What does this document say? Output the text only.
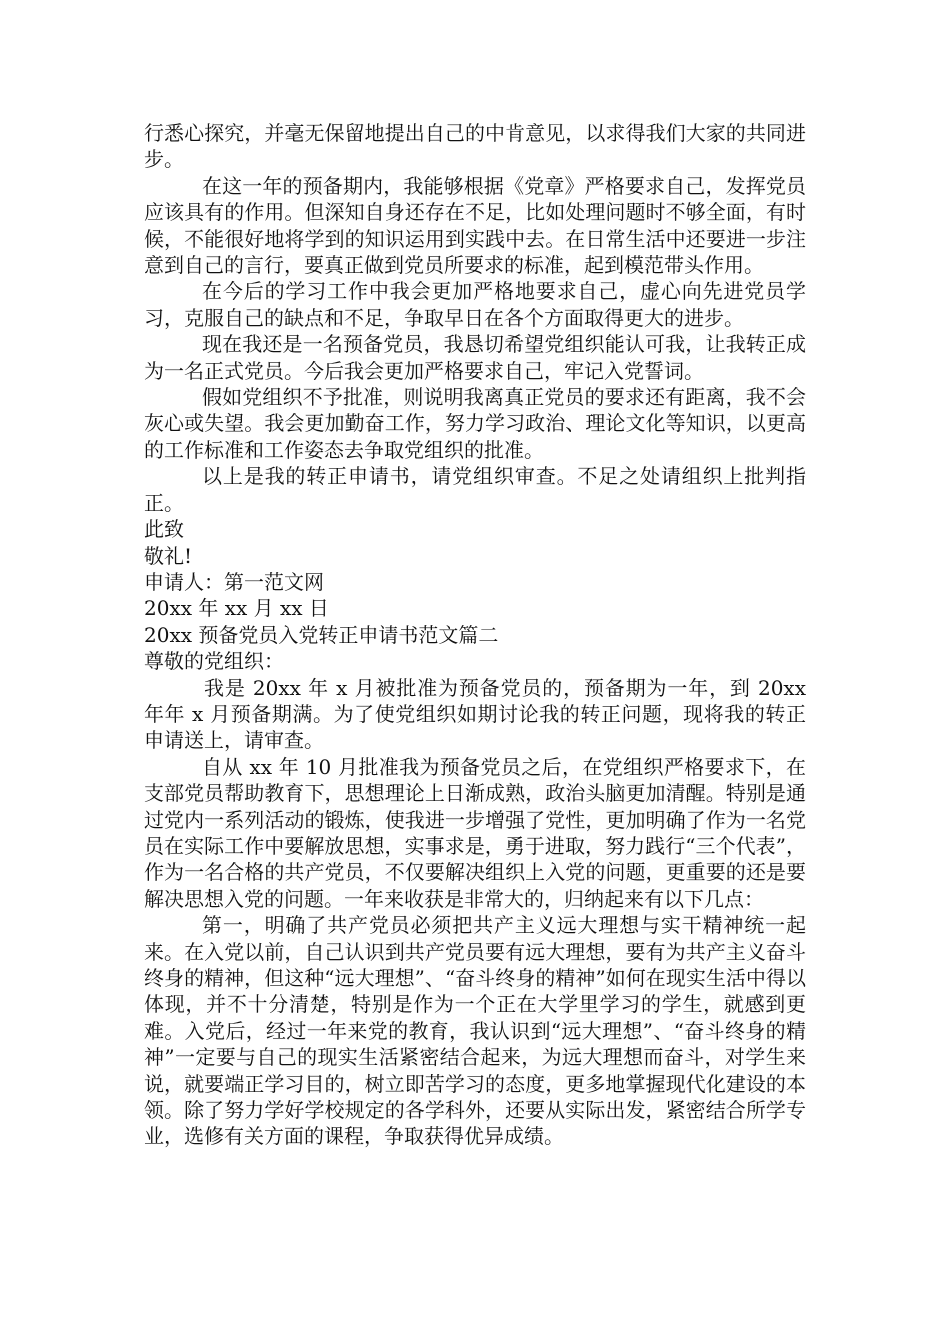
行悉心探究，并毫无保留地提出自己的中肯意见，以求得我们大家的共同进步。

在这一年的预备期内，我能够根据《党章》严格要求自己，发挥党员应该具有的作用。但深知自身还存在不足，比如处理问题时不够全面，有时候，不能很好地将学到的知识运用到实践中去。在日常生活中还要进一步注意到自己的言行，要真正做到党员所要求的标准，起到模范带头作用。

在今后的学习工作中我会更加严格地要求自己，虚心向先进党员学习，克服自己的缺点和不足，争取早日在各个方面取得更大的进步。

现在我还是一名预备党员，我恳切希望党组织能认可我，让我转正成为一名正式党员。今后我会更加严格要求自己，牢记入党誓词。

假如党组织不予批准，则说明我离真正党员的要求还有距离，我不会灰心或失望。我会更加勤奋工作，努力学习政治、理论文化等知识，以更高的工作标准和工作姿态去争取党组织的批准。

以上是我的转正申请书，请党组织审查。不足之处请组织上批判指正。

此致

敬礼!

申请人：第一范文网

20xx 年 xx 月 xx 日

20xx 预备党员入党转正申请书范文篇二

尊敬的党组织：

我是 20xx 年 x 月被批准为预备党员的，预备期为一年，到 20xx 年年 x 月预备期满。为了使党组织如期讨论我的转正问题，现将我的转正申请送上，请审查。

自从 xx 年 10 月批准我为预备党员之后，在党组织严格要求下，在支部党员帮助教育下，思想理论上日渐成熟，政治头脑更加清醒。特别是通过党内一系列活动的锻炼，使我进一步增强了党性，更加明确了作为一名党员在实际工作中要解放思想，实事求是，勇于进取，努力践行“三个代表”，作为一名合格的共产党员，不仅要解决组织上入党的问题，更重要的还是要解决思想入党的问题。一年来收获是非常大的，归纳起来有以下几点：

第一，明确了共产党员必须把共产主义远大理想与实干精神统一起来。在入党以前，自己认识到共产党员要有远大理想，要有为共产主义奋斗终身的精神，但这种“远大理想”、“奋斗终身的精神”如何在现实生活中得以体现，并不十分清楚，特别是作为一个正在大学里学习的学生，就感到更难。入党后，经过一年来党的教育，我认识到“远大理想”、“奋斗终身的精神”一定要与自己的现实生活紧密结合起来，为远大理想而奋斗，对学生来说，就要端正学习目的，树立即苦学习的态度，更多地掌握现代化建设的本领。除了努力学好学校规定的各学科外，还要从实际出发，紧密结合所学专业，选修有关方面的课程，争取获得优异成绩。
